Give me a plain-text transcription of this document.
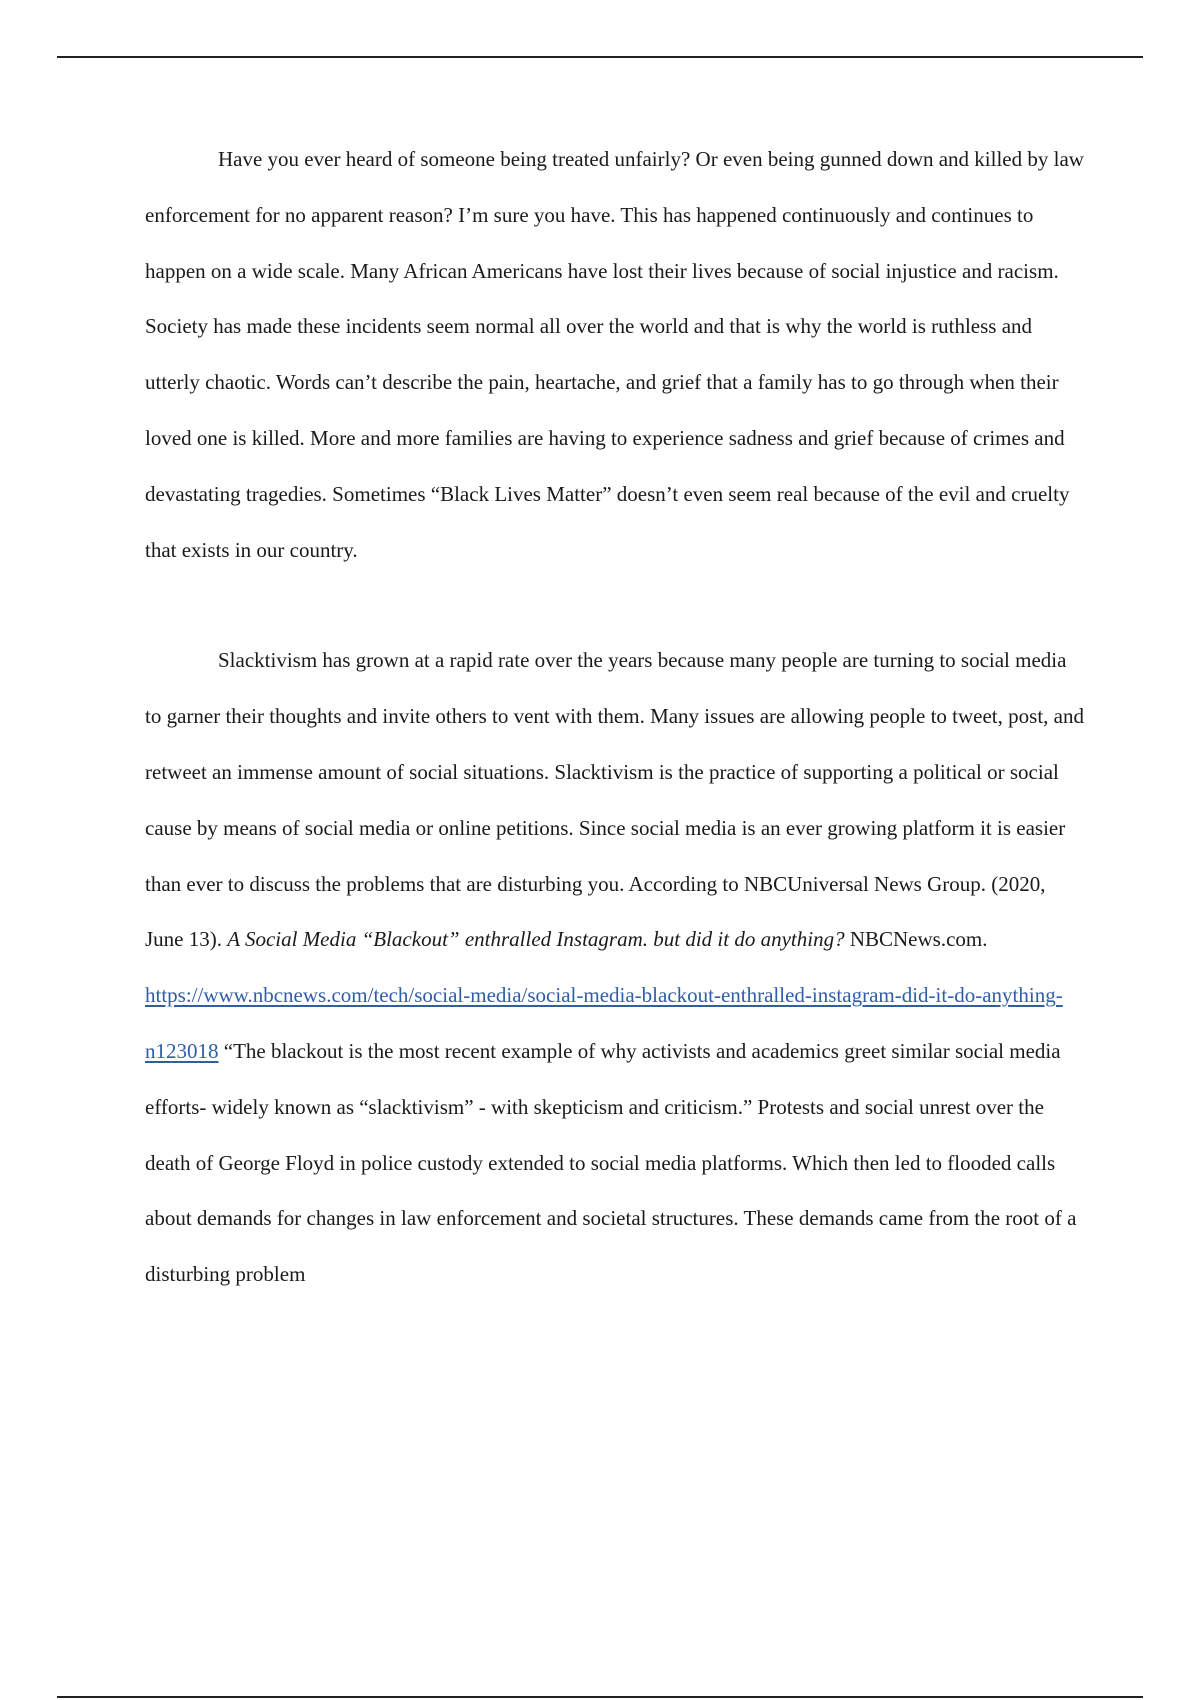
Have you ever heard of someone being treated unfairly? Or even being gunned down and killed by law enforcement for no apparent reason? I’m sure you have. This has happened continuously and continues to happen on a wide scale. Many African Americans have lost their lives because of social injustice and racism. Society has made these incidents seem normal all over the world and that is why the world is ruthless and utterly chaotic. Words can’t describe the pain, heartache, and grief that a family has to go through when their loved one is killed. More and more families are having to experience sadness and grief because of crimes and devastating tragedies. Sometimes “Black Lives Matter” doesn’t even seem real because of the evil and cruelty that exists in our country.

Slacktivism has grown at a rapid rate over the years because many people are turning to social media to garner their thoughts and invite others to vent with them. Many issues are allowing people to tweet, post, and retweet an immense amount of social situations. Slacktivism is the practice of supporting a political or social cause by means of social media or online petitions. Since social media is an ever growing platform it is easier than ever to discuss the problems that are disturbing you. According to NBCUniversal News Group. (2020, June 13). A Social Media “Blackout” enthralled Instagram. but did it do anything? NBCNews.com. https://www.nbcnews.com/tech/social-media/social-media-blackout-enthralled-instagram-did-it-do-anything-n123018 “The blackout is the most recent example of why activists and academics greet similar social media efforts- widely known as “slacktivism” - with skepticism and criticism.” Protests and social unrest over the death of George Floyd in police custody extended to social media platforms. Which then led to flooded calls about demands for changes in law enforcement and societal structures. These demands came from the root of a disturbing problem
